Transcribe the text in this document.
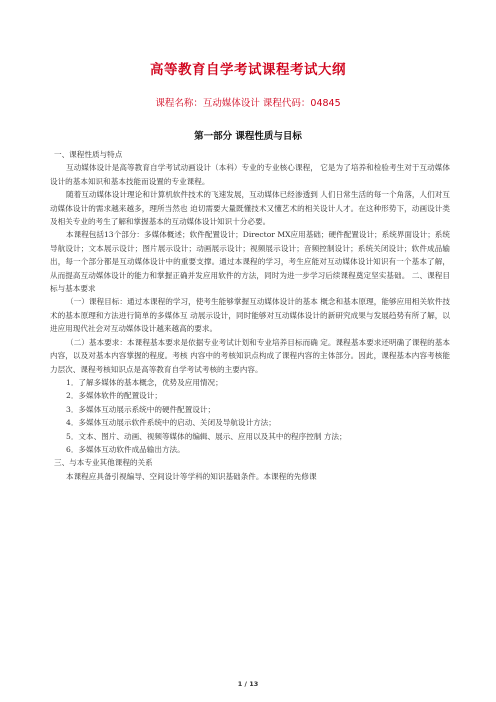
高等教育自学考试课程考试大纲
课程名称：互动媒体设计 课程代码：04845
第一部分 课程性质与目标

一、课程性质与特点

互动媒体设计是高等教育自学考试动画设计（本科）专业的专业核心课程， 它是为了培养和检验考生对于互动媒体设计的基本知识和基本技能而设置的专业课程。

随着互动媒体设计理论和计算机软件技术的飞速发展，互动媒体已经渗透到 人们日常生活的每一个角落，人们对互动媒体设计的需求越来越多，理所当然也 迫切需要大量既懂技术又懂艺术的相关设计人才。在这种形势下，动画设计类及相关专业的考生了解和掌握基本的互动媒体设计知识十分必要。

本课程包括13个部分：多媒体概述；软件配置设计；Director MX应用基础；硬件配置设计；系统界面设计；系统导航设计；文本展示设计；图片展示设计；动画展示设计；视频展示设计；音频控制设计；系统关闭设计；软件成品输出，每一个部分都是互动媒体设计中的重要支撑。通过本课程的学习，考生应能对互动媒体设计知识有一个基本了解，从而提高互动媒体设计的能力和掌握正确并发应用软件的方法，同时为进一步学习后续课程奠定坚实基础。 二、课程目标与基本要求

（一）课程目标：通过本课程的学习，使考生能够掌握互动媒体设计的基本 概念和基本原理，能够应用相关软件技术的基本原理和方法进行简单的多媒体互 动展示设计，同时能够对互动媒体设计的新研究成果与发展趋势有所了解，以进应用现代社会对互动媒体设计越来越高的要求。

（二）基本要求：本课程基本要求是依据专业考试计划和专业培养目标而确 定。课程基本要求还明确了课程的基本内容，以及对基本内容掌握的程度。考核 内容中的考核知识点构成了课程内容的主体部分。因此，课程基本内容考核能力层次、课程考核知识点是高等教育自学考试考核的主要内容。

1．了解多媒体的基本概念，优势及应用情况；

2．多媒体软件的配置设计；

3．多媒体互动展示系统中的硬件配置设计；

4．多媒体互动展示软件系统中的启动、关闭及导航设计方法；

5．文本、图片、动画、视频等媒体的编辑、展示、应用以及其中的程序控制 方法；

6．多媒体互动软件成品输出方法。

三、与本专业其他课程的关系

本课程应具备引视编导、空间设计等学科的知识基础条件。本课程的先修课

1 / 13
